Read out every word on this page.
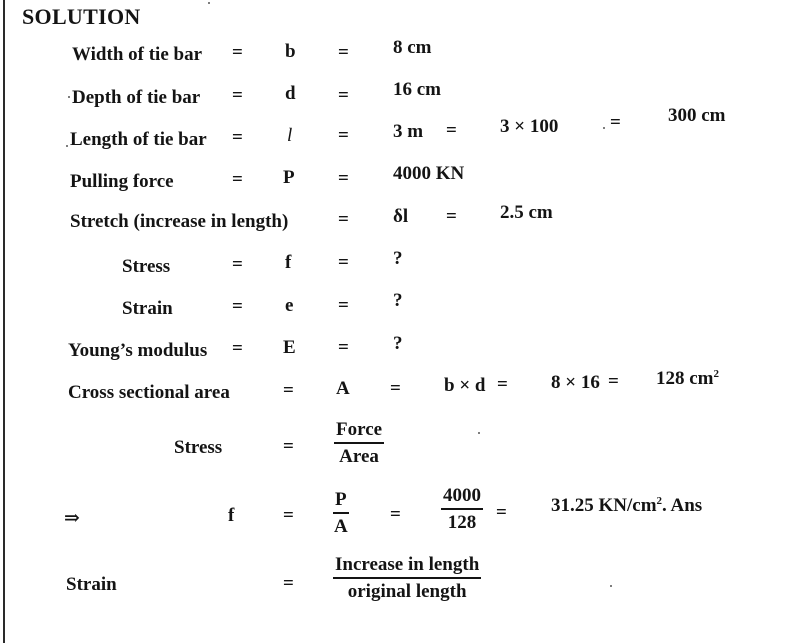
SOLUTION
Width of tie bar = b = 8 cm
Depth of tie bar = d = 16 cm
Length of tie bar = l = 3 m = 3 × 100	= 300 cm
Pulling force	= P = 4000 KN
Stretch (increase in length)	= δl = 2.5 cm
Stress	= f = ?
Strain	= e = ?
Young’s modulus = E = ?
Cross sectional area	= A = b × d = 8 × 16 = 128 $cm^2$
Stress	=
Force
Area
⇒	f	= $\frac{P}{A} = \frac{4000}{128} = 31.25$ $KN/cm^2$. Ans
Strain	=
Increase in length
original length
